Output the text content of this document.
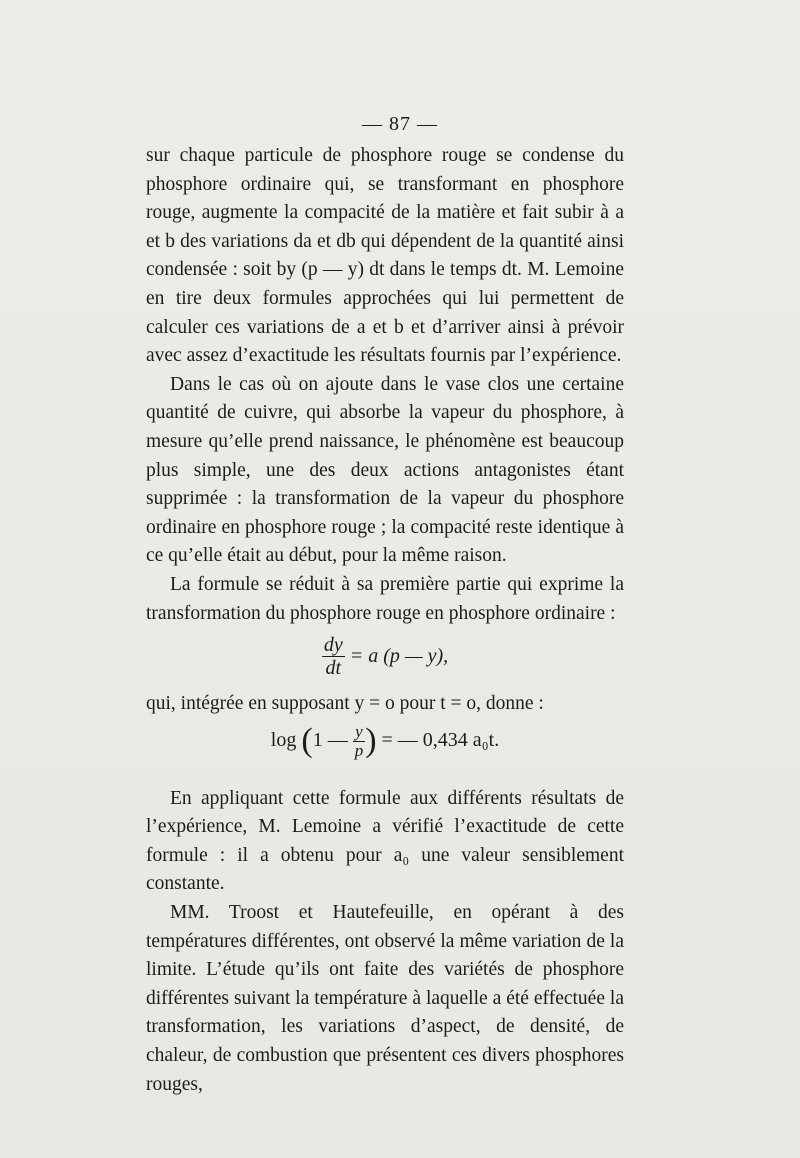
— 87 —

sur chaque particule de phosphore rouge se condense du phosphore ordinaire qui, se transformant en phosphore rouge, augmente la compacité de la matière et fait subir à a et b des variations da et db qui dépendent de la quantité ainsi condensée : soit by (p — y) dt dans le temps dt. M. Lemoine en tire deux formules approchées qui lui permettent de calculer ces variations de a et b et d’arriver ainsi à prévoir avec assez d’exactitude les résultats fournis par l’expérience.

Dans le cas où on ajoute dans le vase clos une certaine quantité de cuivre, qui absorbe la vapeur du phosphore, à mesure qu’elle prend naissance, le phénomène est beaucoup plus simple, une des deux actions antagonistes étant supprimée : la transformation de la vapeur du phosphore ordinaire en phosphore rouge ; la compacité reste identique à ce qu’elle était au début, pour la même raison.

La formule se réduit à sa première partie qui exprime la transformation du phosphore rouge en phosphore ordinaire :

$\frac{dy}{dt} = a$ (p — y),

qui, intégrée en supposant y = o pour t = o, donne :

log (1 — $\frac{y}{p}$ ) = — 0,434 a₀t.

En appliquant cette formule aux différents résultats de l’expérience, M. Lemoine a vérifié l’exactitude de cette formule : il a obtenu pour a₀ une valeur sensiblement constante.

MM. Troost et Hautefeuille, en opérant à des températures différentes, ont observé la même variation de la limite. L’étude qu’ils ont faite des variétés de phosphore différentes suivant la température à laquelle a été effectuée la transformation, les variations d’aspect, de densité, de chaleur, de combustion que présentent ces divers phosphores rouges,
